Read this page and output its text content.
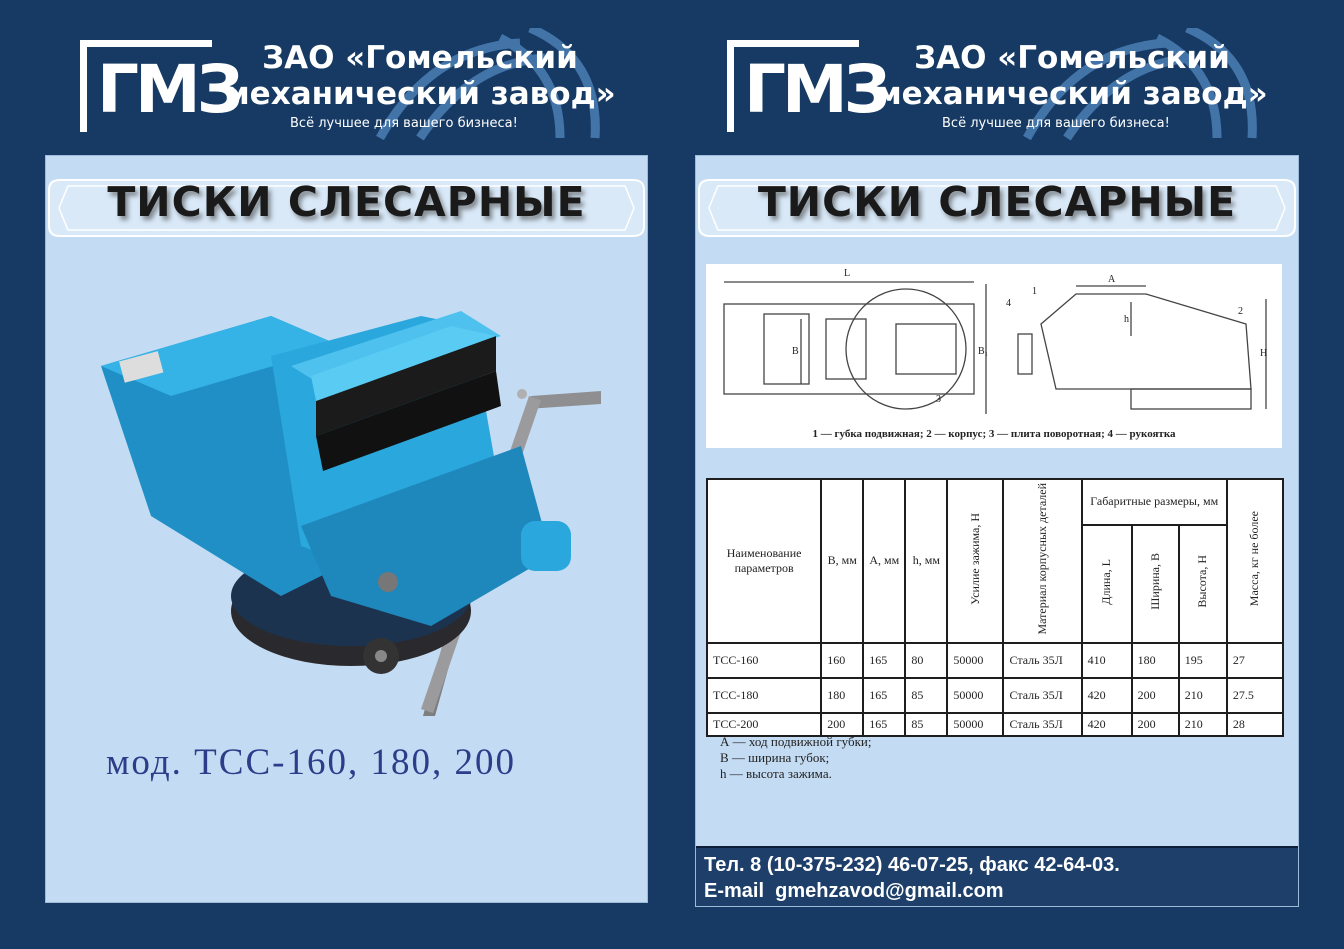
ГМЗ ЗАО «Гомельский
механический завод»
Всё лучшее для вашего бизнеса!
ТИСКИ СЛЕСАРНЫЕ
мод. ТСС-160, 180, 200
ГМЗ ЗАО «Гомельский
механический завод»
Всё лучшее для вашего бизнеса!
ТИСКИ СЛЕСАРНЫЕ
L
B	B₁
A
h
H
1
2
3
4
1 — губка подвижная; 2 — корпус; 3 — плита поворотная; 4 — рукоятка
Наименование параметров	B, мм	A, мм	h, мм	Усилие зажима, Н	Материал корпусных деталей	Габаритные размеры, мм			Масса, кг не более
						Длина, L	Ширина, B	Высота, H	
ТСС-160	160	165	80	50000	Сталь 35Л	410	180	195	27
ТСС-180	180	165	85	50000	Сталь 35Л	420	200	210	27.5
ТСС-200	200	165	85	50000	Сталь 35Л	420	200	210	28
А — ход подвижной губки;
В — ширина губок;
h — высота зажима.
Тел. 8 (10-375-232) 46-07-25, факс 42-64-03.
E-mail  gmehzavod@gmail.com
